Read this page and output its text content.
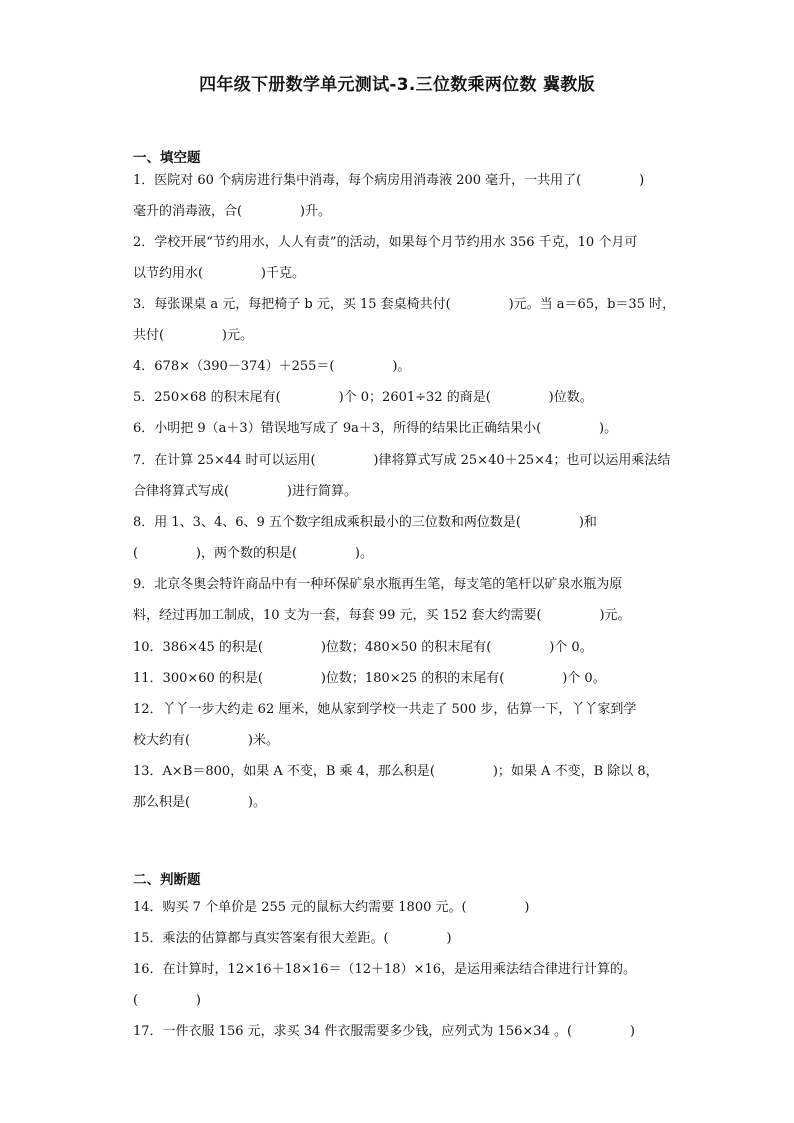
四年级下册数学单元测试-3.三位数乘两位数 冀教版
一、填空题
1．医院对 60 个病房进行集中消毒，每个病房用消毒液 200 毫升，一共用了(              )
毫升的消毒液，合(              )升。
2．学校开展“节约用水，人人有责”的活动，如果每个月节约用水 356 千克，10 个月可
以节约用水(              )千克。
3．每张课桌 a 元，每把椅子 b 元，买 15 套桌椅共付(              )元。当 a＝65，b＝35 时，
共付(              )元。
4．678×（390－374）＋255＝(              )。
5．250×68 的积末尾有(              )个 0；2601÷32 的商是(              )位数。
6．小明把 9（a＋3）错误地写成了 9a＋3，所得的结果比正确结果小(              )。
7．在计算 25×44 时可以运用(              )律将算式写成 25×40＋25×4；也可以运用乘法结
合律将算式写成(              )进行简算。
8．用 1、3、4、6、9 五个数字组成乘积最小的三位数和两位数是(              )和
(              )，两个数的积是(              )。
9．北京冬奥会特许商品中有一种环保矿泉水瓶再生笔，每支笔的笔杆以矿泉水瓶为原
料，经过再加工制成，10 支为一套，每套 99 元，买 152 套大约需要(              )元。
10．386×45 的积是(              )位数；480×50 的积末尾有(              )个 0。
11．300×60 的积是(              )位数；180×25 的积的末尾有(              )个 0。
12．丫丫一步大约走 62 厘米，她从家到学校一共走了 500 步，估算一下，丫丫家到学
校大约有(              )米。
13．A×B＝800，如果 A 不变，B 乘 4，那么积是(              )；如果 A 不变，B 除以 8，
那么积是(              )。
二、判断题
14．购买 7 个单价是 255 元的鼠标大约需要 1800 元。(              )
15．乘法的估算都与真实答案有很大差距。(              )
16．在计算时，12×16＋18×16＝（12＋18）×16，是运用乘法结合律进行计算的。
(              )
17．一件衣服 156 元，求买 34 件衣服需要多少钱，应列式为 156×34 。(              )
